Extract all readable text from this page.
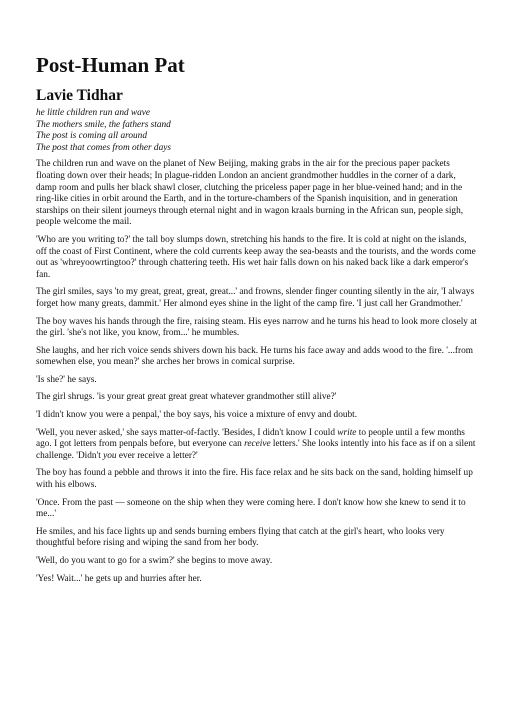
Post-Human Pat
Lavie Tidhar
he little children run and wave
The mothers smile, the fathers stand
The post is coming all around
The post that comes from other days

The children run and wave on the planet of New Beijing, making grabs in the air for the precious paper packets floating down over their heads; In plague-ridden London an ancient grandmother huddles in the corner of a dark, damp room and pulls her black shawl closer, clutching the priceless paper page in her blue-veined hand; and in the ring-like cities in orbit around the Earth, and in the torture-chambers of the Spanish inquisition, and in generation starships on their silent journeys through eternal night and in wagon kraals burning in the African sun, people sigh, people welcome the mail.

'Who are you writing to?' the tall boy slumps down, stretching his hands to the fire. It is cold at night on the islands, off the coast of First Continent, where the cold currents keep away the sea-beasts and the tourists, and the words come out as 'whreyoowrtingtoo?' through chattering teeth. His wet hair falls down on his naked back like a dark emperor's fan.

The girl smiles, says 'to my great, great, great, great...' and frowns, slender finger counting silently in the air, 'I always forget how many greats, dammit.' Her almond eyes shine in the light of the camp fire. 'I just call her Grandmother.'

The boy waves his hands through the fire, raising steam. His eyes narrow and he turns his head to look more closely at the girl. 'she's not like, you know, from...' he mumbles.

She laughs, and her rich voice sends shivers down his back. He turns his face away and adds wood to the fire. '...from somewhen else, you mean?' she arches her brows in comical surprise.

'Is she?' he says.

The girl shrugs. 'is your great great great great whatever grandmother still alive?'

'I didn't know you were a penpal,' the boy says, his voice a mixture of envy and doubt.

'Well, you never asked,' she says matter-of-factly. 'Besides, I didn't know I could write to people until a few months ago. I got letters from penpals before, but everyone can receive letters.' She looks intently into his face as if on a silent challenge. 'Didn't you ever receive a letter?'

The boy has found a pebble and throws it into the fire. His face relax and he sits back on the sand, holding himself up with his elbows.

'Once. From the past — someone on the ship when they were coming here. I don't know how she knew to send it to me...'

He smiles, and his face lights up and sends burning embers flying that catch at the girl's heart, who looks very thoughtful before rising and wiping the sand from her body.

'Well, do you want to go for a swim?' she begins to move away.

'Yes! Wait...' he gets up and hurries after her.
